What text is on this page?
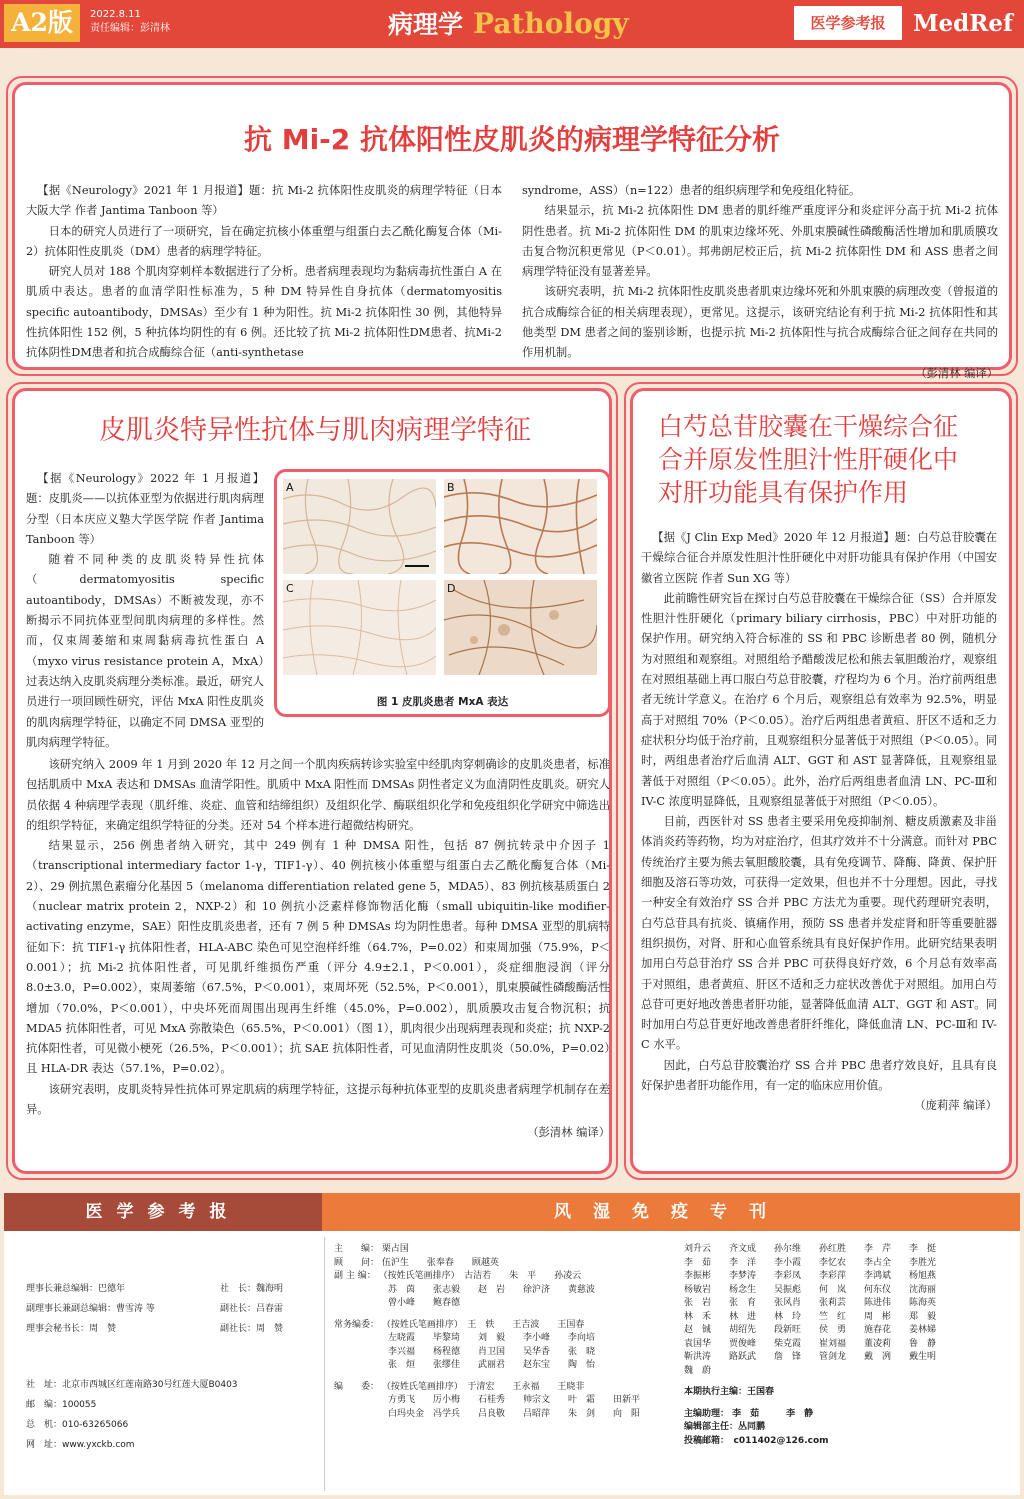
A2版	2022.8.11
责任编辑：彭清林	病理学 Pathology	医学参考报	MedRef
抗 Mi-2 抗体阳性皮肌炎的病理学特征分析

【据《Neurology》2021 年 1 月报道】题：抗 Mi-2 抗体阳性皮肌炎的病理学特征（日本大阪大学 作者 Jantima Tanboon 等）

日本的研究人员进行了一项研究，旨在确定抗核小体重塑与组蛋白去乙酰化酶复合体（Mi-2）抗体阳性皮肌炎（DM）患者的病理学特征。

研究人员对 188 个肌肉穿刺样本数据进行了分析。患者病理表现均为黏病毒抗性蛋白 A 在肌质中表达。患者的血清学阳性标准为，5 种 DM 特异性自身抗体（dermatomyositis specific autoantibody，DMSAs）至少有 1 种为阳性。抗 Mi-2 抗体阳性 30 例，其他特异性抗体阳性 152 例，5 种抗体均阴性的有 6 例。还比较了抗 Mi-2 抗体阳性DM患者、抗Mi-2抗体阴性DM患者和抗合成酶综合征（anti-synthetase

syndrome，ASS）（n=122）患者的组织病理学和免疫组化特征。

结果显示，抗 Mi-2 抗体阳性 DM 患者的肌纤维严重度评分和炎症评分高于抗 Mi-2 抗体阴性患者。抗 Mi-2 抗体阳性 DM 的肌束边缘坏死、外肌束膜碱性磷酸酶活性增加和肌质膜攻击复合物沉积更常见（P＜0.01）。邦弗朗尼校正后，抗 Mi-2 抗体阳性 DM 和 ASS 患者之间病理学特征没有显著差异。

该研究表明，抗 Mi-2 抗体阳性皮肌炎患者肌束边缘坏死和外肌束膜的病理改变（曾报道的抗合成酶综合征的相关病理表现），更常见。这提示，该研究结论有利于抗 Mi-2 抗体阳性和其他类型 DM 患者之间的鉴别诊断，也提示抗 Mi-2 抗体阳性与抗合成酶综合征之间存在共同的作用机制。

（彭清林 编译）
皮肌炎特异性抗体与肌肉病理学特征

【据《Neurology》2022 年 1 月报道】题：皮肌炎——以抗体亚型为依据进行肌肉病理分型（日本庆应义塾大学医学院 作者 Jantima Tanboon 等）

随着不同种类的皮肌炎特异性抗体（dermatomyositis specific autoantibody，DMSAs）不断被发现，亦不断揭示不同抗体亚型间肌肉病理的多样性。然而，仅束周萎缩和束周黏病毒抗性蛋白 A（myxo virus resistance protein A，MxA）过表达纳入皮肌炎病理分类标准。最近，研究人员进行一项回顾性研究，评估 MxA 阳性皮肌炎的肌肉病理学特征，以确定不同 DMSA 亚型的肌肉病理学特征。

A	B
C	D
图 1 皮肌炎患者 MxA 表达

该研究纳入 2009 年 1 月到 2020 年 12 月之间一个肌肉疾病转诊实验室中经肌肉穿刺确诊的皮肌炎患者，标准包括肌质中 MxA 表达和 DMSAs 血清学阳性。肌质中 MxA 阳性而 DMSAs 阴性者定义为血清阴性皮肌炎。研究人员依据 4 种病理学表现（肌纤维、炎症、血管和结缔组织）及组织化学、酶联组织化学和免疫组织化学研究中筛选出的组织学特征，来确定组织学特征的分类。还对 54 个样本进行超微结构研究。

结果显示，256 例患者纳入研究，其中 249 例有 1 种 DMSA 阳性，包括 87 例抗转录中介因子 1（transcriptional intermediary factor 1-γ，TIF1-γ）、40 例抗核小体重塑与组蛋白去乙酰化酶复合体（Mi-2）、29 例抗黑色素瘤分化基因 5（melanoma differentiation related gene 5，MDA5）、83 例抗核基质蛋白 2（nuclear matrix protein 2，NXP-2）和 10 例抗小泛素样修饰物活化酶（small ubiquitin-like modifier-activating enzyme，SAE）阳性皮肌炎患者，还有 7 例 5 种 DMSAs 均为阴性患者。每种 DMSA 亚型的肌病特征如下：抗 TIF1-γ 抗体阳性者，HLA-ABC 染色可见空泡样纤维（64.7%，P=0.02）和束周加强（75.9%，P＜0.001）；抗 Mi-2 抗体阳性者，可见肌纤维损伤严重（评分 4.9±2.1，P＜0.001），炎症细胞浸润（评分 8.0±3.0，P=0.002），束周萎缩（67.5%，P＜0.001），束周坏死（52.5%，P＜0.001），肌束膜碱性磷酸酶活性增加（70.0%，P＜0.001），中央坏死而周围出现再生纤维（45.0%，P=0.002），肌质膜攻击复合物沉积；抗 MDA5 抗体阳性者，可见 MxA 弥散染色（65.5%，P＜0.001）（图 1），肌肉很少出现病理表现和炎症；抗 NXP-2 抗体阳性者，可见微小梗死（26.5%，P＜0.001）；抗 SAE 抗体阳性者，可见血清阴性皮肌炎（50.0%，P=0.02）且 HLA-DR 表达（57.1%，P=0.02）。

该研究表明，皮肌炎特异性抗体可界定肌病的病理学特征，这提示每种抗体亚型的皮肌炎患者病理学机制存在差异。

（彭清林 编译）
白芍总苷胶囊在干燥综合征
合并原发性胆汁性肝硬化中
对肝功能具有保护作用

【据《J Clin Exp Med》2020 年 12 月报道】题：白芍总苷胶囊在干燥综合征合并原发性胆汁性肝硬化中对肝功能具有保护作用（中国安徽省立医院 作者 Sun XG 等）

此前瞻性研究旨在探讨白芍总苷胶囊在干燥综合征（SS）合并原发性胆汁性肝硬化（primary biliary cirrhosis，PBC）中对肝功能的保护作用。研究纳入符合标准的 SS 和 PBC 诊断患者 80 例，随机分为对照组和观察组。对照组给予醋酸泼尼松和熊去氧胆酸治疗，观察组在对照组基础上再口服白芍总苷胶囊，疗程均为 6 个月。治疗前两组患者无统计学意义。在治疗 6 个月后，观察组总有效率为 92.5%，明显高于对照组 70%（P＜0.05）。治疗后两组患者黄疸、肝区不适和乏力症状积分均低于治疗前，且观察组积分显著低于对照组（P＜0.05）。同时，两组患者治疗后血清 ALT、GGT 和 AST 显著降低，且观察组显著低于对照组（P＜0.05）。此外，治疗后两组患者血清 LN、PC-Ⅲ和 IV-C 浓度明显降低，且观察组显著低于对照组（P＜0.05）。

目前，西医针对 SS 患者主要采用免疫抑制剂、糖皮质激素及非甾体消炎药等药物，均为对症治疗，但其疗效并不十分满意。而针对 PBC 传统治疗主要为熊去氧胆酸胶囊，具有免疫调节、降酶、降黄、保护肝细胞及溶石等功效，可获得一定效果，但也并不十分理想。因此，寻找一种安全有效治疗 SS 合并 PBC 方法尤为重要。现代药理研究表明，白芍总苷具有抗炎、镇痛作用，预防 SS 患者并发症肾和肝等重要脏器组织损伤，对肾、肝和心血管系统具有良好保护作用。此研究结果表明加用白芍总苷治疗 SS 合并 PBC 可获得良好疗效，6 个月总有效率高于对照组，患者黄疸、肝区不适和乏力症状改善优于对照组。加用白芍总苷可更好地改善患者肝功能，显著降低血清 ALT、GGT 和 AST。同时加用白芍总苷更好地改善患者肝纤维化，降低血清 LN、PC-Ⅲ和 IV-C 水平。

因此，白芍总苷胶囊治疗 SS 合并 PBC 患者疗效良好，且具有良好保护患者肝功能作用，有一定的临床应用价值。

（庞莉萍 编译）
医学参考报	风湿免疫专刊
理事长兼总编辑：巴德年	社　长：魏海明
副理事长兼副总编辑：曹雪涛 等	副社长：吕春雷
理事会秘书长：周　赞	副社长：周　赞
社　址：北京市西城区红莲南路30号红莲大厦B0403
邮　编：100055
总　机：010-63265066
网　址：www.yxckb.com
主　　编： 栗占国
顾　　问： 伍沪生　　张奉春　　顾越英
副 主 编： （按姓氏笔画排序）　古洁若　　朱　平　　孙凌云
　　　　　　苏　茵　　张志毅　　赵　岩　　徐沪济　　黄慈波
　　　　　　曾小峰　　鲍春德
常务编委： （按姓氏笔画排序）　王　轶　　王吉波　　王国春
　　　　　　左晓霞　　毕黎琦　　刘　毅　　李小峰　　李向培
　　　　　　李兴福　　杨程德　　肖卫国　　吴华香　　张　晓
　　　　　　张　烜　　张缪佳　　武丽君　　赵东宝　　陶　怡
编　　委： （按姓氏笔画排序）　于清宏　　王永福　　王晓非
　　　　　　方勇飞　　厉小梅　　石桂秀　　帅宗文　　叶　霜　　田新平
　　　　　　白玛央金　冯学兵　　吕良敬　　吕昭萍　　朱　剑　　向　阳
刘升云　　齐文成　　孙尔维　　孙红胜　　李　芹　　李　挺
李　茹　　李　洋　　李小霞　　李忆农　　李占全　　李胜光
李振彬　　李梦涛　　李彩凤　　李彩萍　　李鸿斌　　杨旭燕
杨敏岩　　杨念生　　吴振彪　　何　岚　　何东仪　　沈海丽
张　岩　　张　育　　张风肖　　张莉芸　　陈进伟　　陈海英
林　禾　　林　进　　林　玲　　竺　红　　周　彬　　郑　毅
赵　铖　　胡绍先　　段新旺　　侯　勇　　施春花　　姜林娣
袁国华　　贾俊峰　　柴克霞　　崔刘福　　董凌莉　　鲁　静
靳洪涛　　路跃武　　詹　锋　　管剑龙　　戴　冽　　戴生明
魏　蔚
本期执行主编：王国春
主编助理： 李　茹　　　李　静
编辑部主任：丛同鹏
投稿邮箱：　c011402@126.com
